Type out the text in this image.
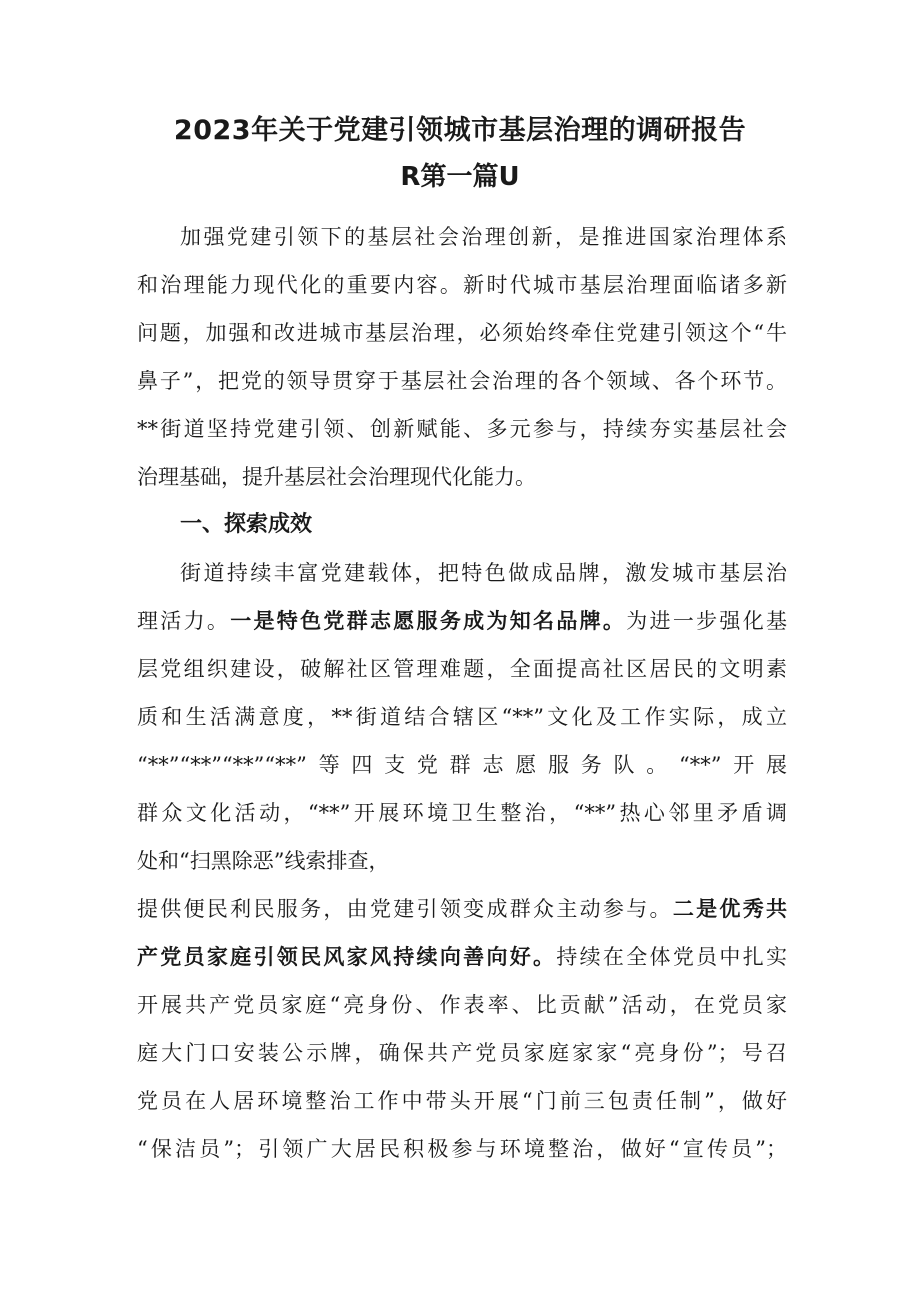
2023年关于党建引领城市基层治理的调研报告
R第一篇U

加强党建引领下的基层社会治理创新，是推进国家治理体系

和治理能力现代化的重要内容。新时代城市基层治理面临诸多新

问题，加强和改进城市基层治理，必须始终牵住党建引领这个“牛

鼻子”，把党的领导贯穿于基层社会治理的各个领域、各个环节。

**街道坚持党建引领、创新赋能、多元参与，持续夯实基层社会

治理基础，提升基层社会治理现代化能力。

一、探索成效

街道持续丰富党建载体，把特色做成品牌，激发城市基层治

理活力。一是特色党群志愿服务成为知名品牌。为进一步强化基

层党组织建设，破解社区管理难题，全面提高社区居民的文明素

质和生活满意度，**街道结合辖区“**”文化及工作实际，成立

“**”“**”“**”“**”等四支党群志愿服务队。“**”开展

群众文化活动，“**”开展环境卫生整治，“**”热心邻里矛盾调

处和“扫黑除恶”线索排查，

提供便民利民服务，由党建引领变成群众主动参与。二是优秀共

产党员家庭引领民风家风持续向善向好。持续在全体党员中扎实

开展共产党员家庭“亮身份、作表率、比贡献”活动，在党员家

庭大门口安装公示牌，确保共产党员家庭家家“亮身份”；号召

党员在人居环境整治工作中带头开展“门前三包责任制”，做好

“保洁员”；引领广大居民积极参与环境整治，做好“宣传员”；
